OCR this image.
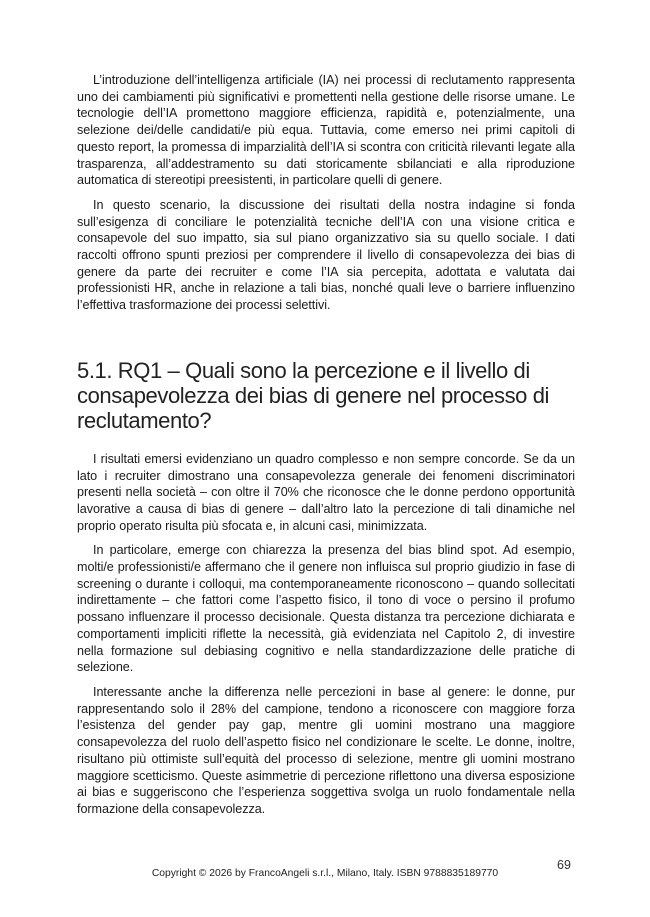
L’introduzione dell’intelligenza artificiale (IA) nei processi di reclutamento rappresenta uno dei cambiamenti più significativi e promettenti nella gestione delle risorse umane. Le tecnologie dell’IA promettono maggiore efficienza, rapidità e, potenzialmente, una selezione dei/delle candidati/e più equa. Tuttavia, come emerso nei primi capitoli di questo report, la promessa di imparzialità dell’IA si scontra con criticità rilevanti legate alla trasparenza, all’addestramento su dati storicamente sbilanciati e alla riproduzione automatica di stereotipi preesistenti, in particolare quelli di genere.

In questo scenario, la discussione dei risultati della nostra indagine si fonda sull’esigenza di conciliare le potenzialità tecniche dell’IA con una visione critica e consapevole del suo impatto, sia sul piano organizzativo sia su quello sociale. I dati raccolti offrono spunti preziosi per comprendere il livello di consapevolezza dei bias di genere da parte dei recruiter e come l’IA sia percepita, adottata e valutata dai professionisti HR, anche in relazione a tali bias, nonché quali leve o barriere influenzino l’effettiva trasformazione dei processi selettivi.

5.1. RQ1 – Quali sono la percezione e il livello di consapevolezza dei bias di genere nel processo di reclutamento?

I risultati emersi evidenziano un quadro complesso e non sempre concorde. Se da un lato i recruiter dimostrano una consapevolezza generale dei fenomeni discriminatori presenti nella società – con oltre il 70% che riconosce che le donne perdono opportunità lavorative a causa di bias di genere – dall’altro lato la percezione di tali dinamiche nel proprio operato risulta più sfocata e, in alcuni casi, minimizzata.

In particolare, emerge con chiarezza la presenza del bias blind spot. Ad esempio, molti/e professionisti/e affermano che il genere non influisca sul proprio giudizio in fase di screening o durante i colloqui, ma contemporaneamente riconoscono – quando sollecitati indirettamente – che fattori come l’aspetto fisico, il tono di voce o persino il profumo possano influenzare il processo decisionale. Questa distanza tra percezione dichiarata e comportamenti impliciti riflette la necessità, già evidenziata nel Capitolo 2, di investire nella formazione sul debiasing cognitivo e nella standardizzazione delle pratiche di selezione.

Interessante anche la differenza nelle percezioni in base al genere: le donne, pur rappresentando solo il 28% del campione, tendono a riconoscere con maggiore forza l’esistenza del gender pay gap, mentre gli uomini mostrano una maggiore consapevolezza del ruolo dell’aspetto fisico nel condizionare le scelte. Le donne, inoltre, risultano più ottimiste sull’equità del processo di selezione, mentre gli uomini mostrano maggiore scetticismo. Queste asimmetrie di percezione riflettono una diversa esposizione ai bias e suggeriscono che l’esperienza soggettiva svolga un ruolo fondamentale nella formazione della consapevolezza.

69
Copyright © 2026 by FrancoAngeli s.r.l., Milano, Italy. ISBN 9788835189770
